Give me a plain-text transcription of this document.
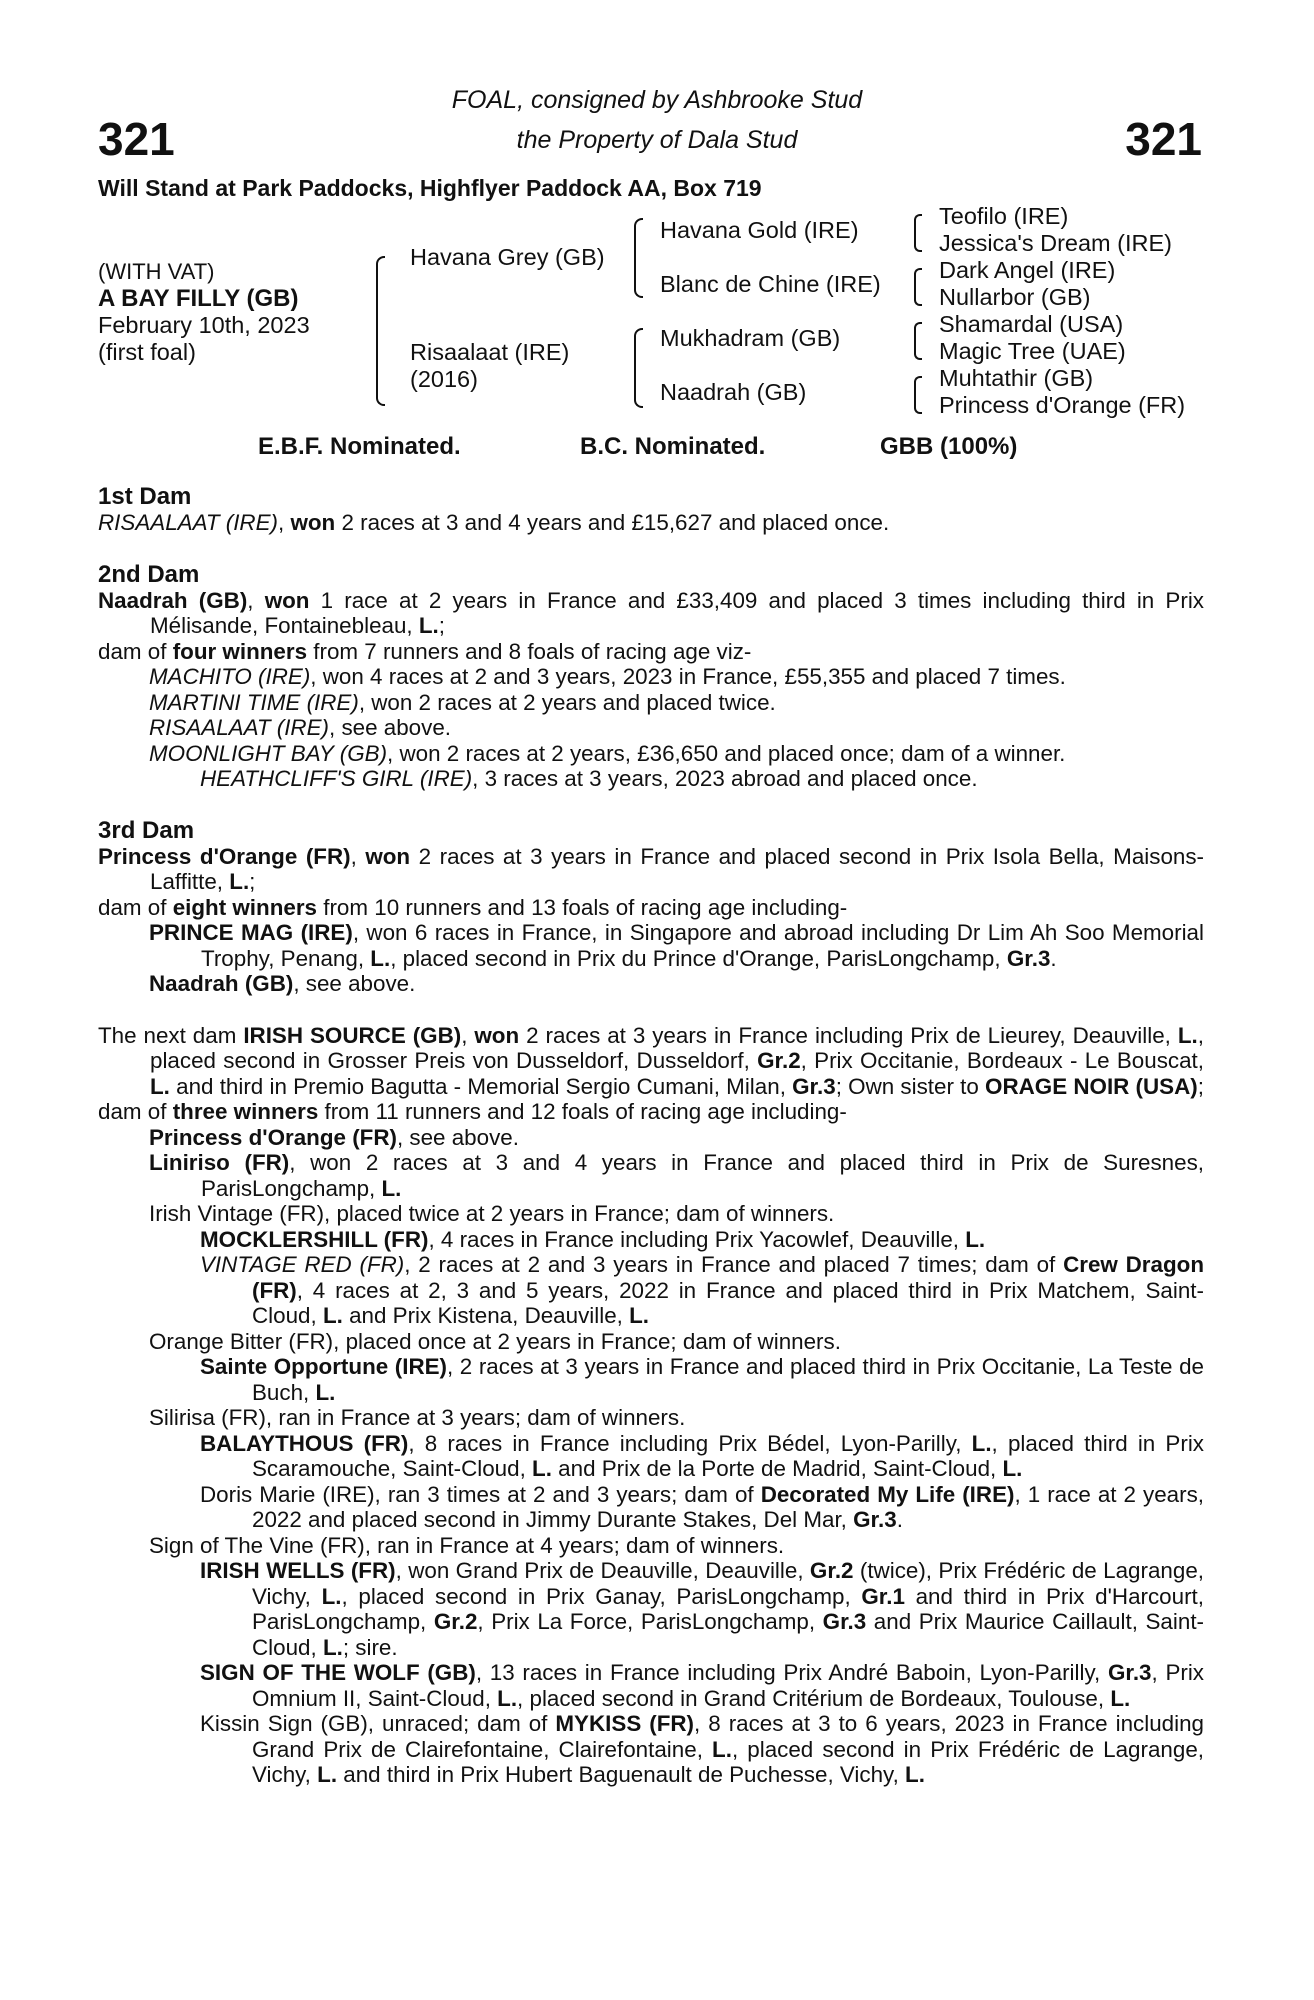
321	321
FOAL, consigned by Ashbrooke Stud
the Property of Dala Stud
Will Stand at Park Paddocks, Highflyer Paddock AA, Box 719
(WITH VAT)
A BAY FILLY (GB)
February 10th, 2023
(first foal)
Havana Grey (GB)
Risaalaat (IRE)
(2016)
Havana Gold (IRE)
Blanc de Chine (IRE)
Mukhadram (GB)
Naadrah (GB)
Teofilo (IRE)
Jessica's Dream (IRE)
Dark Angel (IRE)
Nullarbor (GB)
Shamardal (USA)
Magic Tree (UAE)
Muhtathir (GB)
Princess d'Orange (FR)
E.B.F. Nominated.	B.C. Nominated.	GBB (100%)

1st Dam

RISAALAAT (IRE), won 2 races at 3 and 4 years and £15,627 and placed once.

2nd Dam

Naadrah (GB), won 1 race at 2 years in France and £33,409 and placed 3 times including third in Prix Mélisande, Fontainebleau, L.;

dam of four winners from 7 runners and 8 foals of racing age viz-

MACHITO (IRE), won 4 races at 2 and 3 years, 2023 in France, £55,355 and placed 7 times.

MARTINI TIME (IRE), won 2 races at 2 years and placed twice.

RISAALAAT (IRE), see above.

MOONLIGHT BAY (GB), won 2 races at 2 years, £36,650 and placed once; dam of a winner.

HEATHCLIFF'S GIRL (IRE), 3 races at 3 years, 2023 abroad and placed once.

3rd Dam

Princess d'Orange (FR), won 2 races at 3 years in France and placed second in Prix Isola Bella, Maisons-Laffitte, L.;

dam of eight winners from 10 runners and 13 foals of racing age including-

PRINCE MAG (IRE), won 6 races in France, in Singapore and abroad including Dr Lim Ah Soo Memorial Trophy, Penang, L., placed second in Prix du Prince d'Orange, ParisLongchamp, Gr.3.

Naadrah (GB), see above.

The next dam IRISH SOURCE (GB), won 2 races at 3 years in France including Prix de Lieurey, Deauville, L., placed second in Grosser Preis von Dusseldorf, Dusseldorf, Gr.2, Prix Occitanie, Bordeaux - Le Bouscat, L. and third in Premio Bagutta - Memorial Sergio Cumani, Milan, Gr.3; Own sister to ORAGE NOIR (USA);

dam of three winners from 11 runners and 12 foals of racing age including-

Princess d'Orange (FR), see above.

Liniriso (FR), won 2 races at 3 and 4 years in France and placed third in Prix de Suresnes, ParisLongchamp, L.

Irish Vintage (FR), placed twice at 2 years in France; dam of winners.

MOCKLERSHILL (FR), 4 races in France including Prix Yacowlef, Deauville, L.

VINTAGE RED (FR), 2 races at 2 and 3 years in France and placed 7 times; dam of Crew Dragon (FR), 4 races at 2, 3 and 5 years, 2022 in France and placed third in Prix Matchem, Saint-Cloud, L. and Prix Kistena, Deauville, L.

Orange Bitter (FR), placed once at 2 years in France; dam of winners.

Sainte Opportune (IRE), 2 races at 3 years in France and placed third in Prix Occitanie, La Teste de Buch, L.

Silirisa (FR), ran in France at 3 years; dam of winners.

BALAYTHOUS (FR), 8 races in France including Prix Bédel, Lyon-Parilly, L., placed third in Prix Scaramouche, Saint-Cloud, L. and Prix de la Porte de Madrid, Saint-Cloud, L.

Doris Marie (IRE), ran 3 times at 2 and 3 years; dam of Decorated My Life (IRE), 1 race at 2 years, 2022 and placed second in Jimmy Durante Stakes, Del Mar, Gr.3.

Sign of The Vine (FR), ran in France at 4 years; dam of winners.

IRISH WELLS (FR), won Grand Prix de Deauville, Deauville, Gr.2 (twice), Prix Frédéric de Lagrange, Vichy, L., placed second in Prix Ganay, ParisLongchamp, Gr.1 and third in Prix d'Harcourt, ParisLongchamp, Gr.2, Prix La Force, ParisLongchamp, Gr.3 and Prix Maurice Caillault, Saint-Cloud, L.; sire.

SIGN OF THE WOLF (GB), 13 races in France including Prix André Baboin, Lyon-Parilly, Gr.3, Prix Omnium II, Saint-Cloud, L., placed second in Grand Critérium de Bordeaux, Toulouse, L.

Kissin Sign (GB), unraced; dam of MYKISS (FR), 8 races at 3 to 6 years, 2023 in France including Grand Prix de Clairefontaine, Clairefontaine, L., placed second in Prix Frédéric de Lagrange, Vichy, L. and third in Prix Hubert Baguenault de Puchesse, Vichy, L.
